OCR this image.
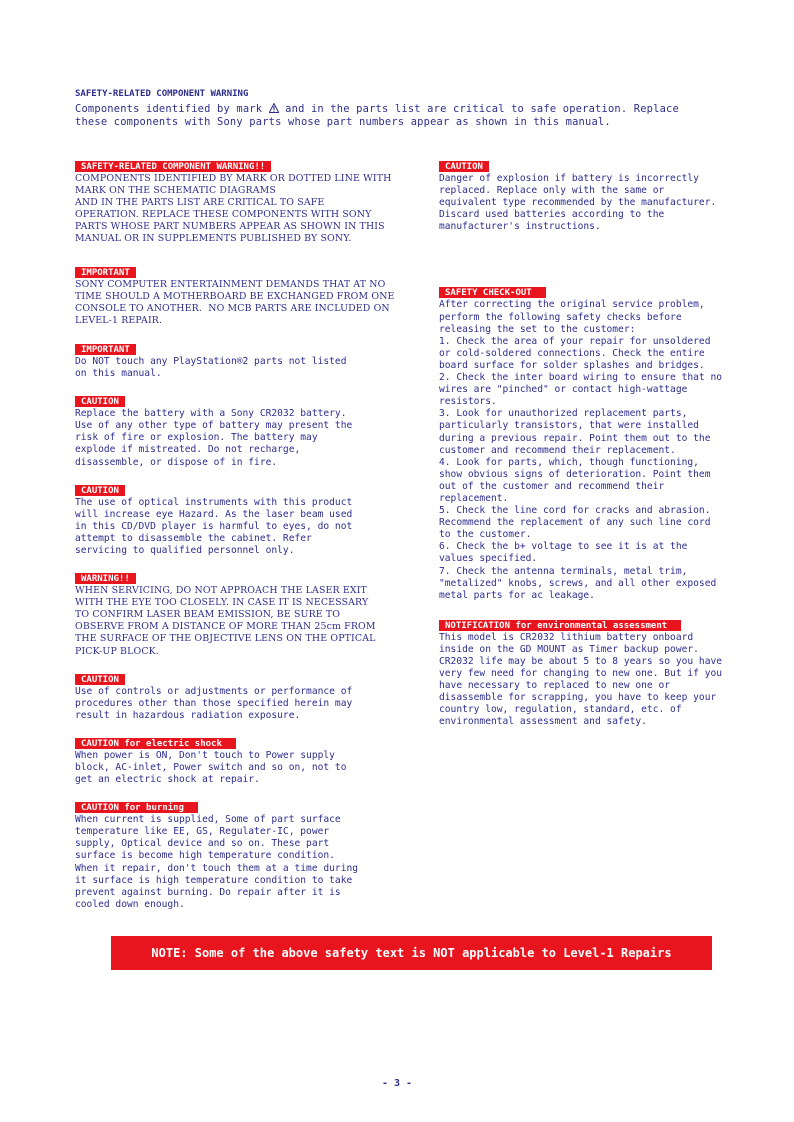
SAFETY-RELATED COMPONENT WARNING
Components identified by mark and in the parts list are critical to safe operation. Replace
these components with Sony parts whose part numbers appear as shown in this manual.
SAFETY-RELATED COMPONENT WARNING!!
COMPONENTS IDENTIFIED BY MARK OR DOTTED LINE WITH
MARK ON THE SCHEMATIC DIAGRAMS
AND IN THE PARTS LIST ARE CRITICAL TO SAFE
OPERATION. REPLACE THESE COMPONENTS WITH SONY
PARTS WHOSE PART NUMBERS APPEAR AS SHOWN IN THIS
MANUAL OR IN SUPPLEMENTS PUBLISHED BY SONY.
IMPORTANT
SONY COMPUTER ENTERTAINMENT DEMANDS THAT AT NO
TIME SHOULD A MOTHERBOARD BE EXCHANGED FROM ONE
CONSOLE TO ANOTHER.  NO MCB PARTS ARE INCLUDED ON
LEVEL-1 REPAIR.
IMPORTANT
Do NOT touch any PlayStation®2 parts not listed
on this manual.
CAUTION
Replace the battery with a Sony CR2032 battery.
Use of any other type of battery may present the
risk of fire or explosion. The battery may
explode if mistreated. Do not recharge,
disassemble, or dispose of in fire.
CAUTION
The use of optical instruments with this product
will increase eye Hazard. As the laser beam used
in this CD/DVD player is harmful to eyes, do not
attempt to disassemble the cabinet. Refer
servicing to qualified personnel only.
WARNING!!
WHEN SERVICING, DO NOT APPROACH THE LASER EXIT
WITH THE EYE TOO CLOSELY. IN CASE IT IS NECESSARY
TO CONFIRM LASER BEAM EMISSION, BE SURE TO
OBSERVE FROM A DISTANCE OF MORE THAN 25cm FROM
THE SURFACE OF THE OBJECTIVE LENS ON THE OPTICAL
PICK-UP BLOCK.
CAUTION
Use of controls or adjustments or performance of
procedures other than those specified herein may
result in hazardous radiation exposure.
CAUTION for electric shock
When power is ON, Don't touch to Power supply
block, AC-inlet, Power switch and so on, not to
get an electric shock at repair.
CAUTION for burning
When current is supplied, Some of part surface
temperature like EE, GS, Regulater-IC, power
supply, Optical device and so on. These part
surface is become high temperature condition.
When it repair, don't touch them at a time during
it surface is high temperature condition to take
prevent against burning. Do repair after it is
cooled down enough.
CAUTION
Danger of explosion if battery is incorrectly
replaced. Replace only with the same or
equivalent type recommended by the manufacturer.
Discard used batteries according to the
manufacturer's instructions.
SAFETY CHECK-OUT
After correcting the original service problem,
perform the following safety checks before
releasing the set to the customer:
1. Check the area of your repair for unsoldered
or cold-soldered connections. Check the entire
board surface for solder splashes and bridges.
2. Check the inter board wiring to ensure that no
wires are "pinched" or contact high-wattage
resistors.
3. Look for unauthorized replacement parts,
particularly transistors, that were installed
during a previous repair. Point them out to the
customer and recommend their replacement.
4. Look for parts, which, though functioning,
show obvious signs of deterioration. Point them
out of the customer and recommend their
replacement.
5. Check the line cord for cracks and abrasion.
Recommend the replacement of any such line cord
to the customer.
6. Check the b+ voltage to see it is at the
values specified.
7. Check the antenna terminals, metal trim,
"metalized" knobs, screws, and all other exposed
metal parts for ac leakage.
NOTIFICATION for environmental assessment
This model is CR2032 lithium battery onboard
inside on the GD MOUNT as Timer backup power.
CR2032 life may be about 5 to 8 years so you have
very few need for changing to new one. But if you
have necessary to replaced to new one or
disassemble for scrapping, you have to keep your
country low, regulation, standard, etc. of
environmental assessment and safety.
NOTE: Some of the above safety text is NOT applicable to Level-1 Repairs
- 3 -
